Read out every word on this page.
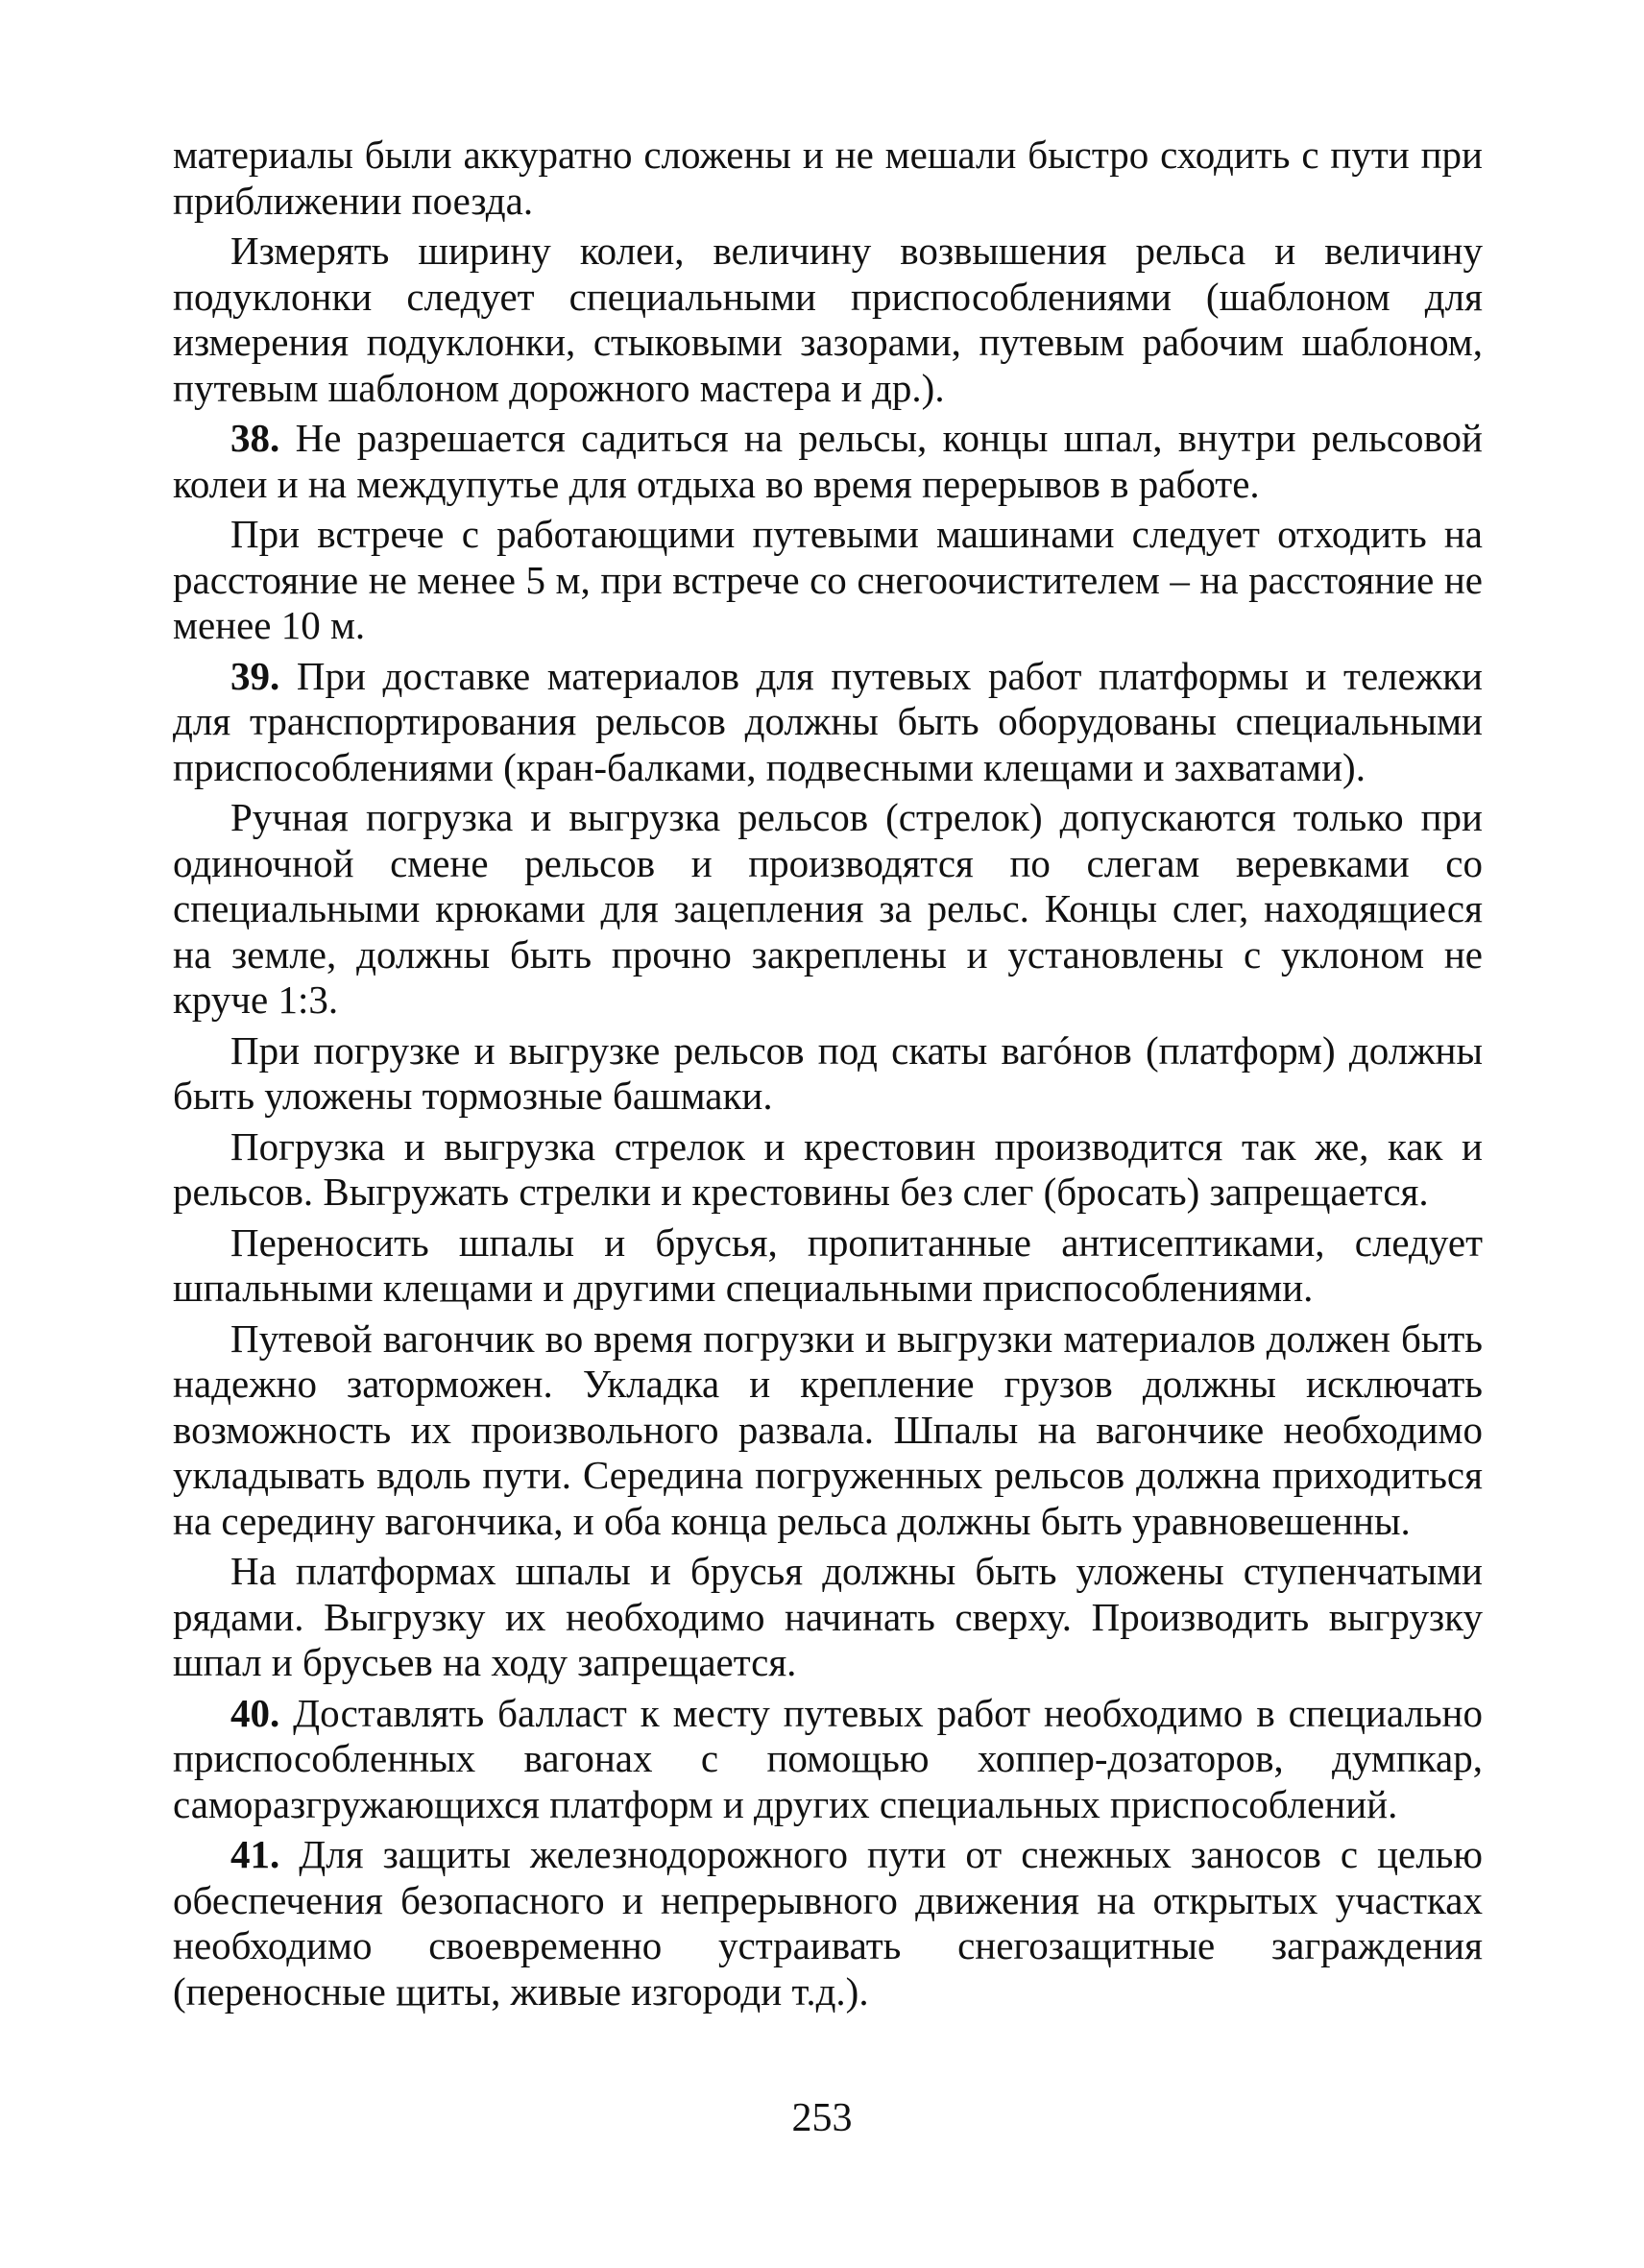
материалы были аккуратно сложены и не мешали быстро сходить с пути при приближении поезда.

Измерять ширину колеи, величину возвышения рельса и величину подуклонки следует специальными приспособлениями (шаблоном для измерения подуклонки, стыковыми зазорами, путевым рабочим шаблоном, путевым шаблоном дорожного мастера и др.).

38. Не разрешается садиться на рельсы, концы шпал, внутри рельсовой колеи и на междупутье для отдыха во время перерывов в работе.

При встрече с работающими путевыми машинами следует отходить на расстояние не менее 5 м, при встрече со снегоочистителем – на расстояние не менее 10 м.

39. При доставке материалов для путевых работ платформы и тележки для транспортирования рельсов должны быть оборудованы специальными приспособлениями (кран-балками, подвесными клещами и захватами).

Ручная погрузка и выгрузка рельсов (стрелок) допускаются только при одиночной смене рельсов и производятся по слегам веревками со специальными крюками для зацепления за рельс. Концы слег, находящиеся на земле, должны быть прочно закреплены и установлены с уклоном не круче 1:3.

При погрузке и выгрузке рельсов под скаты вагóнов (платформ) должны быть уложены тормозные башмаки.

Погрузка и выгрузка стрелок и крестовин производится так же, как и рельсов. Выгружать стрелки и крестовины без слег (бросать) запрещается.

Переносить шпалы и брусья, пропитанные антисептиками, следует шпальными клещами и другими специальными приспособлениями.

Путевой вагончик во время погрузки и выгрузки материалов должен быть надежно заторможен. Укладка и крепление грузов должны исключать возможность их произвольного развала. Шпалы на вагончике необходимо укладывать вдоль пути. Середина погруженных рельсов должна приходиться на середину вагончика, и оба конца рельса должны быть уравновешенны.

На платформах шпалы и брусья должны быть уложены ступенчатыми рядами. Выгрузку их необходимо начинать сверху. Производить выгрузку шпал и брусьев на ходу запрещается.

40. Доставлять балласт к месту путевых работ необходимо в специально приспособленных вагонах с помощью хоппер-дозаторов, думпкар, саморазгружающихся платформ и других специальных приспособлений.

41. Для защиты железнодорожного пути от снежных заносов с целью обеспечения безопасного и непрерывного движения на открытых участках необходимо своевременно устраивать снегозащитные заграждения (переносные щиты, живые изгороди т.д.).

253
